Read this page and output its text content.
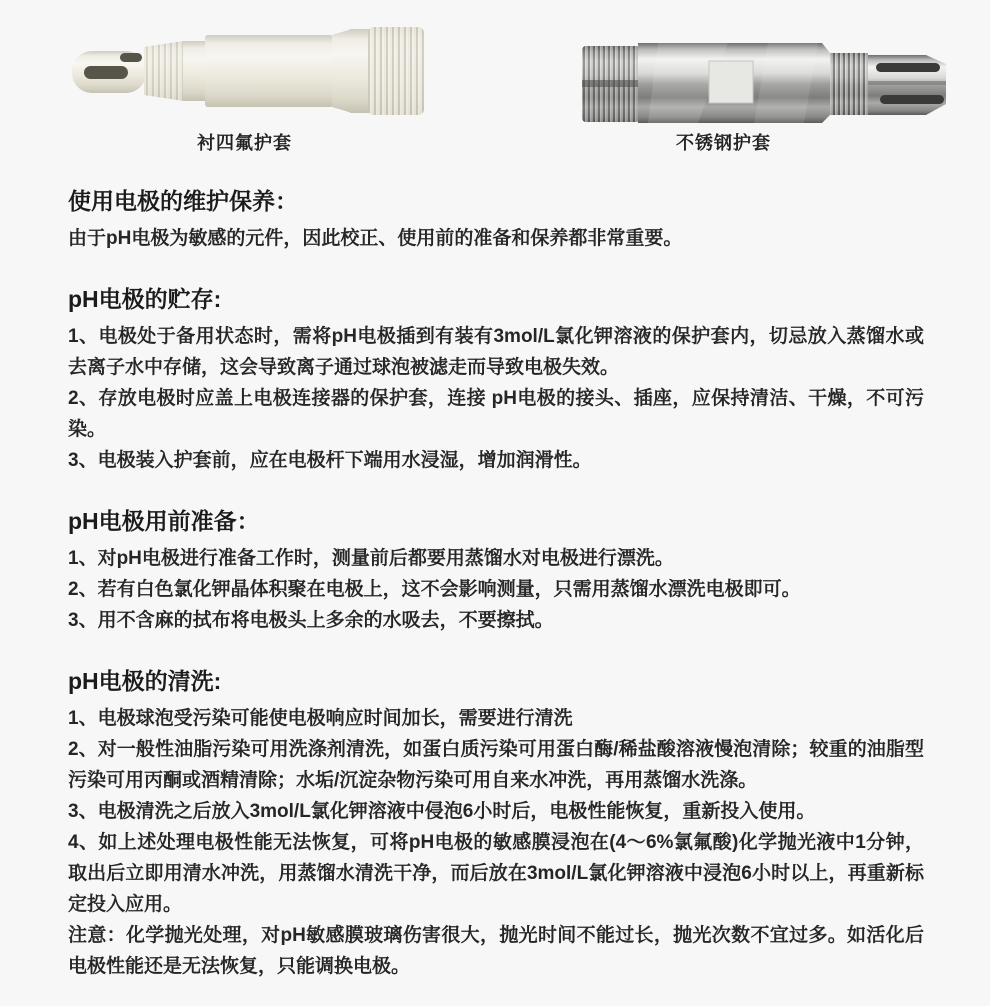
衬四氟护套	不锈钢护套
使用电极的维护保养：

由于pH电极为敏感的元件，因此校正、使用前的准备和保养都非常重要。

pH电极的贮存:

1、电极处于备用状态时，需将pH电极插到有装有3mol/L氯化钾溶液的保护套内，切忌放入蒸馏水或去离子水中存储，这会导致离子通过球泡被滤走而导致电极失效。

2、存放电极时应盖上电极连接器的保护套，连接 pH电极的接头、插座，应保持清洁、干燥，不可污染。

3、电极装入护套前，应在电极杆下端用水浸湿，增加润滑性。

pH电极用前准备：

1、对pH电极进行准备工作时，测量前后都要用蒸馏水对电极进行漂洗。

2、若有白色氯化钾晶体积聚在电极上，这不会影响测量，只需用蒸馏水漂洗电极即可。

3、用不含麻的拭布将电极头上多余的水吸去，不要擦拭。

pH电极的清洗:

1、电极球泡受污染可能使电极响应时间加长，需要进行清洗

2、对一般性油脂污染可用洗涤剂清洗，如蛋白质污染可用蛋白酶/稀盐酸溶液慢泡清除；较重的油脂型污染可用丙酮或酒精清除；水垢/沉淀杂物污染可用自来水冲洗，再用蒸馏水洗涤。

3、电极清洗之后放入3mol/L氯化钾溶液中侵泡6小时后，电极性能恢复，重新投入使用。

4、如上述处理电极性能无法恢复，可将pH电极的敏感膜浸泡在(4～6%氯氟酸)化学抛光液中1分钟，取出后立即用清水冲洗，用蒸馏水清洗干净，而后放在3mol/L氯化钾溶液中浸泡6小时以上，再重新标定投入应用。

注意：化学抛光处理，对pH敏感膜玻璃伤害很大，抛光时间不能过长，抛光次数不宜过多。如活化后电极性能还是无法恢复，只能调换电极。
